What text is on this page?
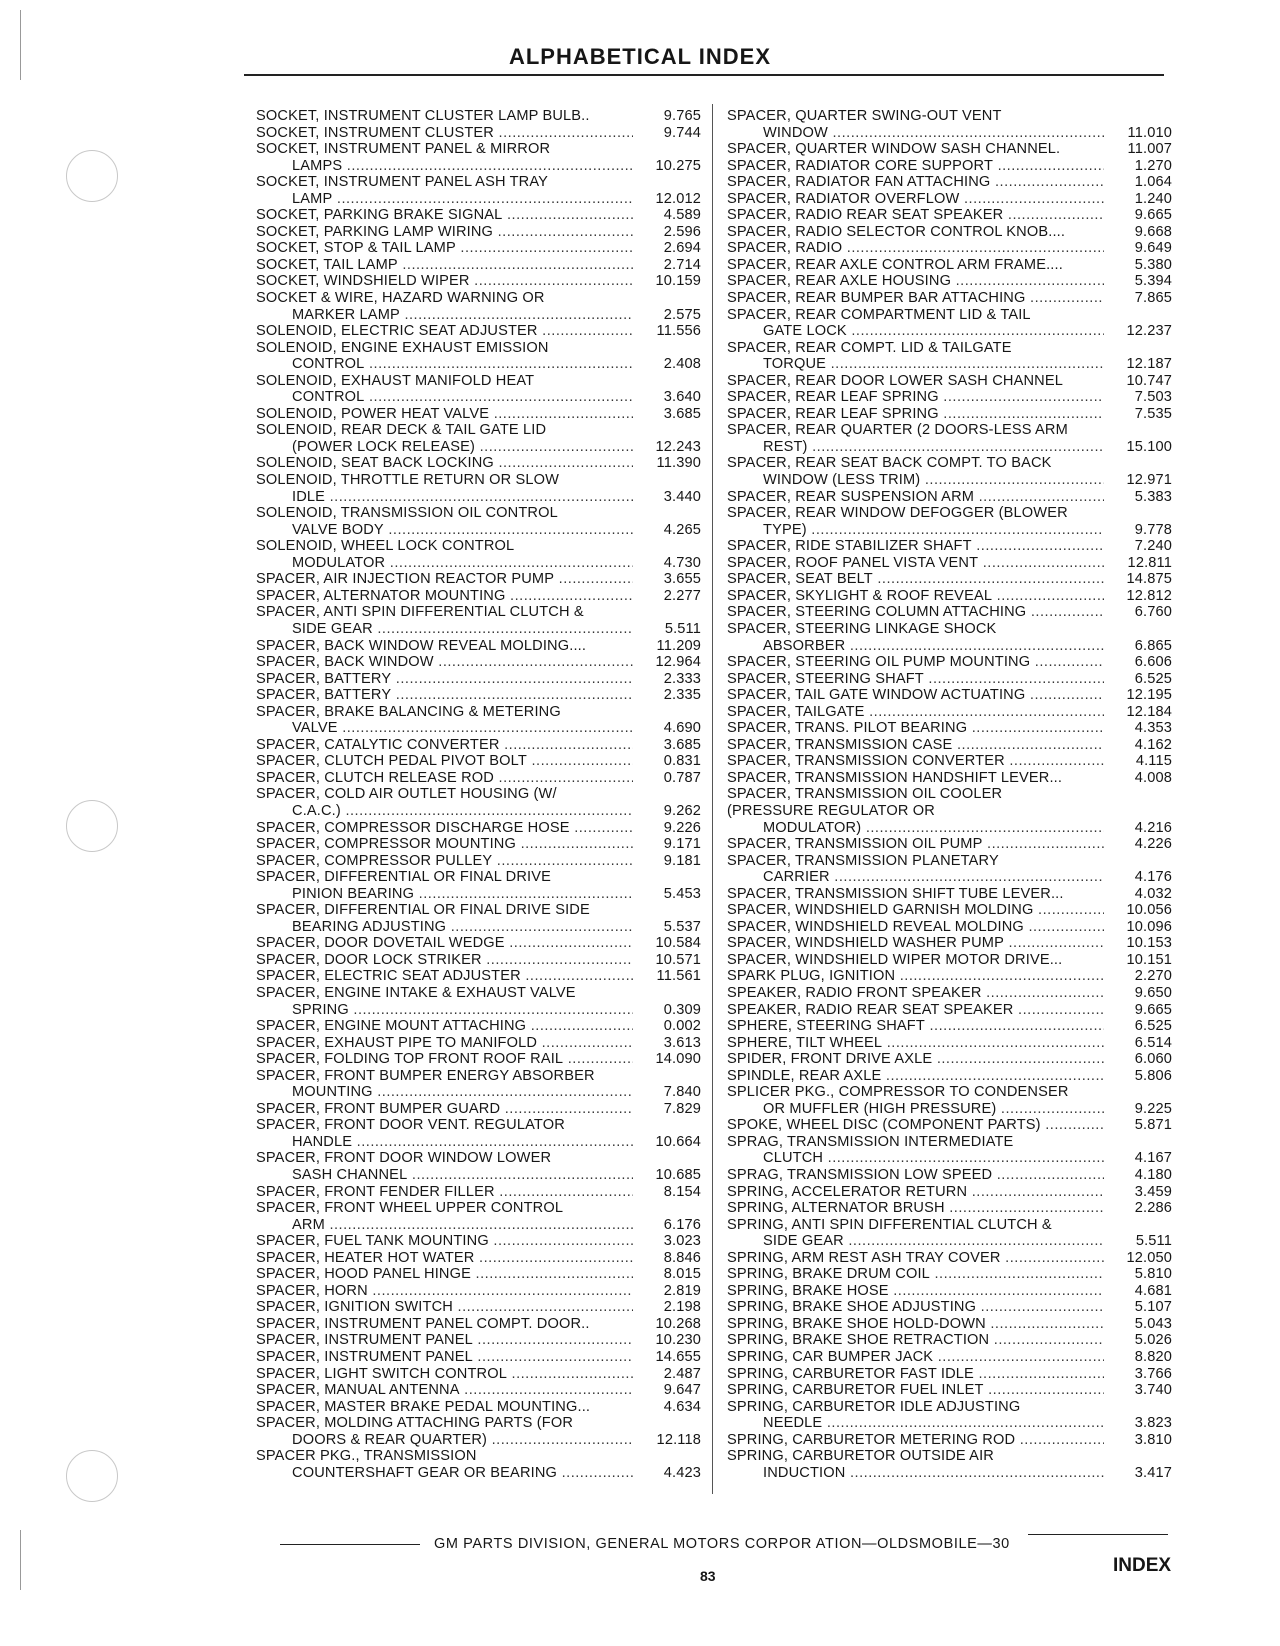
ALPHABETICAL INDEX
SOCKET, INSTRUMENT CLUSTER LAMP BULB..	9.765
SOCKET, INSTRUMENT CLUSTER .....	9.744
SOCKET, INSTRUMENT PANEL & MIRROR
LAMPS .....	10.275
SOCKET, INSTRUMENT PANEL ASH TRAY
LAMP .....	12.012
SOCKET, PARKING BRAKE SIGNAL .....	4.589
SOCKET, PARKING LAMP WIRING .....	2.596
SOCKET, STOP & TAIL LAMP .....	2.694
SOCKET, TAIL LAMP .....	2.714
SOCKET, WINDSHIELD WIPER .....	10.159
SOCKET & WIRE, HAZARD WARNING OR
MARKER LAMP .....	2.575
SOLENOID, ELECTRIC SEAT ADJUSTER .....	11.556
SOLENOID, ENGINE EXHAUST EMISSION
CONTROL .....	2.408
SOLENOID, EXHAUST MANIFOLD HEAT
CONTROL .....	3.640
SOLENOID, POWER HEAT VALVE .....	3.685
SOLENOID, REAR DECK & TAIL GATE LID
(POWER LOCK RELEASE) .....	12.243
SOLENOID, SEAT BACK LOCKING .....	11.390
SOLENOID, THROTTLE RETURN OR SLOW
IDLE .....	3.440
SOLENOID, TRANSMISSION OIL CONTROL
VALVE BODY .....	4.265
SOLENOID, WHEEL LOCK CONTROL
MODULATOR .....	4.730
SPACER, AIR INJECTION REACTOR PUMP .....	3.655
SPACER, ALTERNATOR MOUNTING .....	2.277
SPACER, ANTI SPIN DIFFERENTIAL CLUTCH &
SIDE GEAR .....	5.511
SPACER, BACK WINDOW REVEAL MOLDING....	11.209
SPACER, BACK WINDOW .....	12.964
SPACER, BATTERY .....	2.333
SPACER, BATTERY .....	2.335
SPACER, BRAKE BALANCING & METERING
VALVE .....	4.690
SPACER, CATALYTIC CONVERTER .....	3.685
SPACER, CLUTCH PEDAL PIVOT BOLT .....	0.831
SPACER, CLUTCH RELEASE ROD .....	0.787
SPACER, COLD AIR OUTLET HOUSING (W/
C.A.C.) .....	9.262
SPACER, COMPRESSOR DISCHARGE HOSE .....	9.226
SPACER, COMPRESSOR MOUNTING .....	9.171
SPACER, COMPRESSOR PULLEY .....	9.181
SPACER, DIFFERENTIAL OR FINAL DRIVE
PINION BEARING .....	5.453
SPACER, DIFFERENTIAL OR FINAL DRIVE SIDE
BEARING ADJUSTING .....	5.537
SPACER, DOOR DOVETAIL WEDGE .....	10.584
SPACER, DOOR LOCK STRIKER .....	10.571
SPACER, ELECTRIC SEAT ADJUSTER .....	11.561
SPACER, ENGINE INTAKE & EXHAUST VALVE
SPRING .....	0.309
SPACER, ENGINE MOUNT ATTACHING .....	0.002
SPACER, EXHAUST PIPE TO MANIFOLD .....	3.613
SPACER, FOLDING TOP FRONT ROOF RAIL .....	14.090
SPACER, FRONT BUMPER ENERGY ABSORBER
MOUNTING .....	7.840
SPACER, FRONT BUMPER GUARD .....	7.829
SPACER, FRONT DOOR VENT. REGULATOR
HANDLE .....	10.664
SPACER, FRONT DOOR WINDOW LOWER
SASH CHANNEL .....	10.685
SPACER, FRONT FENDER FILLER .....	8.154
SPACER, FRONT WHEEL UPPER CONTROL
ARM .....	6.176
SPACER, FUEL TANK MOUNTING .....	3.023
SPACER, HEATER HOT WATER .....	8.846
SPACER, HOOD PANEL HINGE .....	8.015
SPACER, HORN .....	2.819
SPACER, IGNITION SWITCH .....	2.198
SPACER, INSTRUMENT PANEL COMPT. DOOR..	10.268
SPACER, INSTRUMENT PANEL .....	10.230
SPACER, INSTRUMENT PANEL .....	14.655
SPACER, LIGHT SWITCH CONTROL .....	2.487
SPACER, MANUAL ANTENNA .....	9.647
SPACER, MASTER BRAKE PEDAL MOUNTING...	4.634
SPACER, MOLDING ATTACHING PARTS (FOR
DOORS & REAR QUARTER) .....	12.118
SPACER PKG., TRANSMISSION
COUNTERSHAFT GEAR OR BEARING .....	4.423
SPACER, QUARTER SWING-OUT VENT
WINDOW .....	11.010
SPACER, QUARTER WINDOW SASH CHANNEL.	11.007
SPACER, RADIATOR CORE SUPPORT .....	1.270
SPACER, RADIATOR FAN ATTACHING .....	1.064
SPACER, RADIATOR OVERFLOW .....	1.240
SPACER, RADIO REAR SEAT SPEAKER .....	9.665
SPACER, RADIO SELECTOR CONTROL KNOB....	9.668
SPACER, RADIO .....	9.649
SPACER, REAR AXLE CONTROL ARM FRAME....	5.380
SPACER, REAR AXLE HOUSING .....	5.394
SPACER, REAR BUMPER BAR ATTACHING .....	7.865
SPACER, REAR COMPARTMENT LID & TAIL
GATE LOCK .....	12.237
SPACER, REAR COMPT. LID & TAILGATE
TORQUE .....	12.187
SPACER, REAR DOOR LOWER SASH CHANNEL	10.747
SPACER, REAR LEAF SPRING .....	7.503
SPACER, REAR LEAF SPRING .....	7.535
SPACER, REAR QUARTER (2 DOORS-LESS ARM
REST) .....	15.100
SPACER, REAR SEAT BACK COMPT. TO BACK
WINDOW (LESS TRIM) .....	12.971
SPACER, REAR SUSPENSION ARM .....	5.383
SPACER, REAR WINDOW DEFOGGER (BLOWER
TYPE) .....	9.778
SPACER, RIDE STABILIZER SHAFT .....	7.240
SPACER, ROOF PANEL VISTA VENT .....	12.811
SPACER, SEAT BELT .....	14.875
SPACER, SKYLIGHT & ROOF REVEAL .....	12.812
SPACER, STEERING COLUMN ATTACHING .....	6.760
SPACER, STEERING LINKAGE SHOCK
ABSORBER .....	6.865
SPACER, STEERING OIL PUMP MOUNTING .....	6.606
SPACER, STEERING SHAFT .....	6.525
SPACER, TAIL GATE WINDOW ACTUATING .....	12.195
SPACER, TAILGATE .....	12.184
SPACER, TRANS. PILOT BEARING .....	4.353
SPACER, TRANSMISSION CASE .....	4.162
SPACER, TRANSMISSION CONVERTER .....	4.115
SPACER, TRANSMISSION HANDSHIFT LEVER...	4.008
SPACER, TRANSMISSION OIL COOLER
(PRESSURE REGULATOR OR
MODULATOR) .....	4.216
SPACER, TRANSMISSION OIL PUMP .....	4.226
SPACER, TRANSMISSION PLANETARY
CARRIER .....	4.176
SPACER, TRANSMISSION SHIFT TUBE LEVER...	4.032
SPACER, WINDSHIELD GARNISH MOLDING .....	10.056
SPACER, WINDSHIELD REVEAL MOLDING .....	10.096
SPACER, WINDSHIELD WASHER PUMP .....	10.153
SPACER, WINDSHIELD WIPER MOTOR DRIVE...	10.151
SPARK PLUG, IGNITION .....	2.270
SPEAKER, RADIO FRONT SPEAKER .....	9.650
SPEAKER, RADIO REAR SEAT SPEAKER .....	9.665
SPHERE, STEERING SHAFT .....	6.525
SPHERE, TILT WHEEL .....	6.514
SPIDER, FRONT DRIVE AXLE .....	6.060
SPINDLE, REAR AXLE .....	5.806
SPLICER PKG., COMPRESSOR TO CONDENSER
OR MUFFLER (HIGH PRESSURE) .....	9.225
SPOKE, WHEEL DISC (COMPONENT PARTS) .....	5.871
SPRAG, TRANSMISSION INTERMEDIATE
CLUTCH .....	4.167
SPRAG, TRANSMISSION LOW SPEED .....	4.180
SPRING, ACCELERATOR RETURN .....	3.459
SPRING, ALTERNATOR BRUSH .....	2.286
SPRING, ANTI SPIN DIFFERENTIAL CLUTCH &
SIDE GEAR .....	5.511
SPRING, ARM REST ASH TRAY COVER .....	12.050
SPRING, BRAKE DRUM COIL .....	5.810
SPRING, BRAKE HOSE .....	4.681
SPRING, BRAKE SHOE ADJUSTING .....	5.107
SPRING, BRAKE SHOE HOLD-DOWN .....	5.043
SPRING, BRAKE SHOE RETRACTION .....	5.026
SPRING, CAR BUMPER JACK .....	8.820
SPRING, CARBURETOR FAST IDLE .....	3.766
SPRING, CARBURETOR FUEL INLET .....	3.740
SPRING, CARBURETOR IDLE ADJUSTING
NEEDLE .....	3.823
SPRING, CARBURETOR METERING ROD .....	3.810
SPRING, CARBURETOR OUTSIDE AIR
INDUCTION .....	3.417

GM PARTS DIVISION, GENERAL MOTORS CORPOR ATION—OLDSMOBILE—30

83	INDEX
